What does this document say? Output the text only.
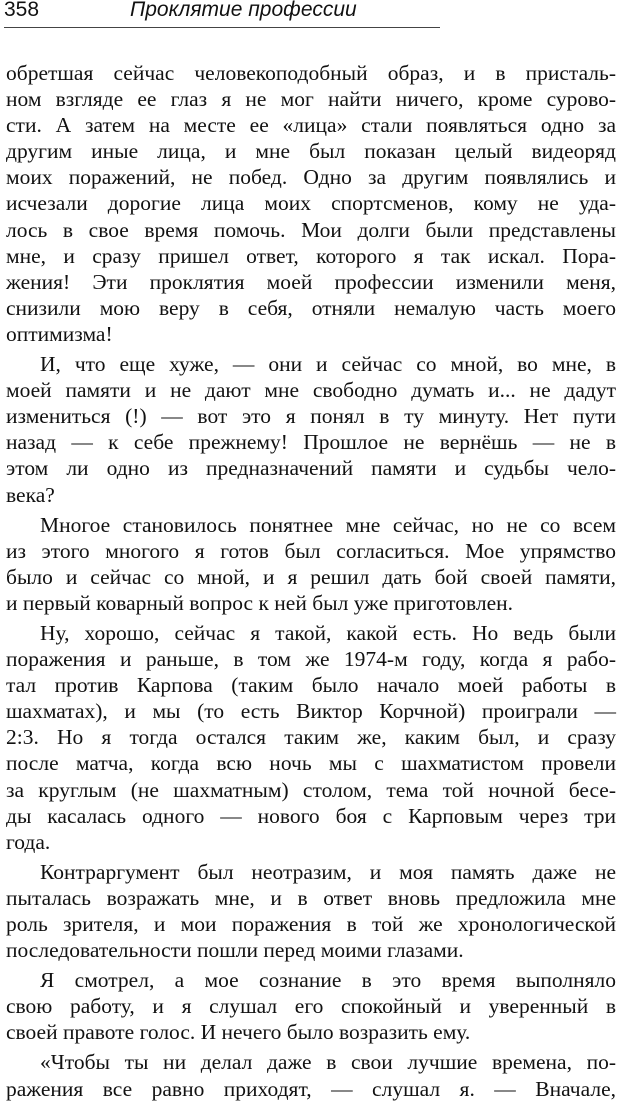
358	Проклятие профессии
обретшая сейчас человекоподобный образ, и в присталь-
ном взгляде ее глаз я не мог найти ничего, кроме сурово-
сти. А затем на месте ее «лица» стали появляться одно за
другим иные лица, и мне был показан целый видеоряд
моих поражений, не побед. Одно за другим появлялись и
исчезали дорогие лица моих спортсменов, кому не уда-
лось в свое время помочь. Мои долги были представлены
мне, и сразу пришел ответ, которого я так искал. Пора-
жения! Эти проклятия моей профессии изменили меня,
снизили мою веру в себя, отняли немалую часть моего
оптимизма!
И, что еще хуже, — они и сейчас со мной, во мне, в
моей памяти и не дают мне свободно думать и... не дадут
измениться (!) — вот это я понял в ту минуту. Нет пути
назад — к себе прежнему! Прошлое не вернёшь — не в
этом ли одно из предназначений памяти и судьбы чело-
века?
Многое становилось понятнее мне сейчас, но не со всем
из этого многого я готов был согласиться. Мое упрямство
было и сейчас со мной, и я решил дать бой своей памяти,
и первый коварный вопрос к ней был уже приготовлен.
Ну, хорошо, сейчас я такой, какой есть. Но ведь были
поражения и раньше, в том же 1974-м году, когда я рабо-
тал против Карпова (таким было начало моей работы в
шахматах), и мы (то есть Виктор Корчной) проиграли —
2:3. Но я тогда остался таким же, каким был, и сразу
после матча, когда всю ночь мы с шахматистом провели
за круглым (не шахматным) столом, тема той ночной бесе-
ды касалась одного — нового боя с Карповым через три
года.
Контраргумент был неотразим, и моя память даже не
пыталась возражать мне, и в ответ вновь предложила мне
роль зрителя, и мои поражения в той же хронологической
последовательности пошли перед моими глазами.
Я смотрел, а мое сознание в это время выполняло
свою работу, и я слушал его спокойный и уверенный в
своей правоте голос. И нечего было возразить ему.
«Чтобы ты ни делал даже в свои лучшие времена, по-
ражения все равно приходят, — слушал я. — Вначале,
